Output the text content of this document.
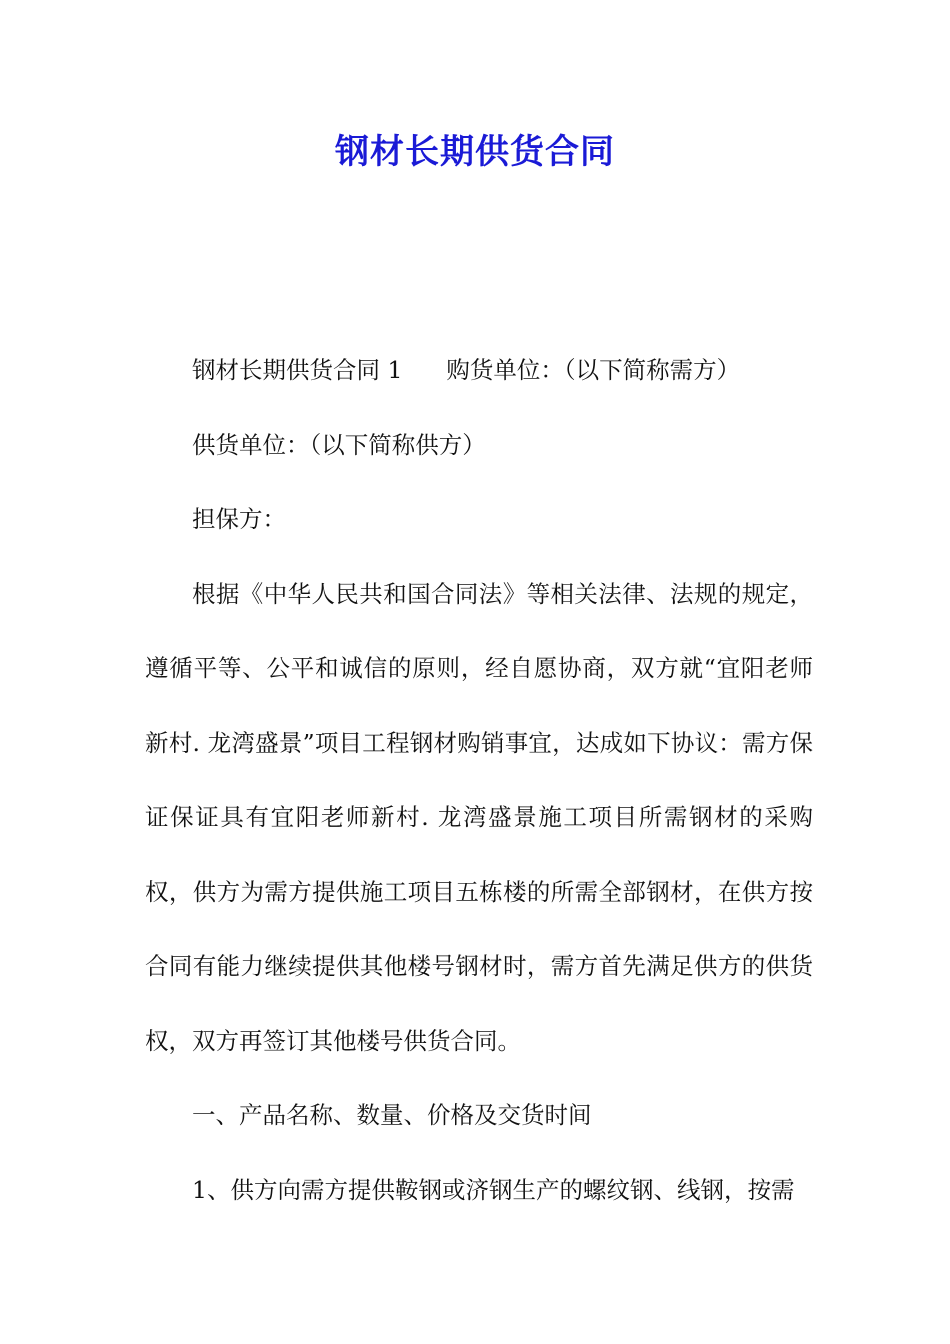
钢材长期供货合同

钢材长期供货合同 1 购货单位：（以下简称需方）

供货单位：（以下简称供方）

担保方：

根据《中华人民共和国合同法》等相关法律、法规的规定，遵循平等、公平和诚信的原则，经自愿协商，双方就“宜阳老师新村. 龙湾盛景”项目工程钢材购销事宜，达成如下协议：需方保证保证具有宜阳老师新村. 龙湾盛景施工项目所需钢材的采购权，供方为需方提供施工项目五栋楼的所需全部钢材，在供方按合同有能力继续提供其他楼号钢材时，需方首先满足供方的供货权，双方再签订其他楼号供货合同。

一、产品名称、数量、价格及交货时间

1、供方向需方提供鞍钢或济钢生产的螺纹钢、线钢，按需
